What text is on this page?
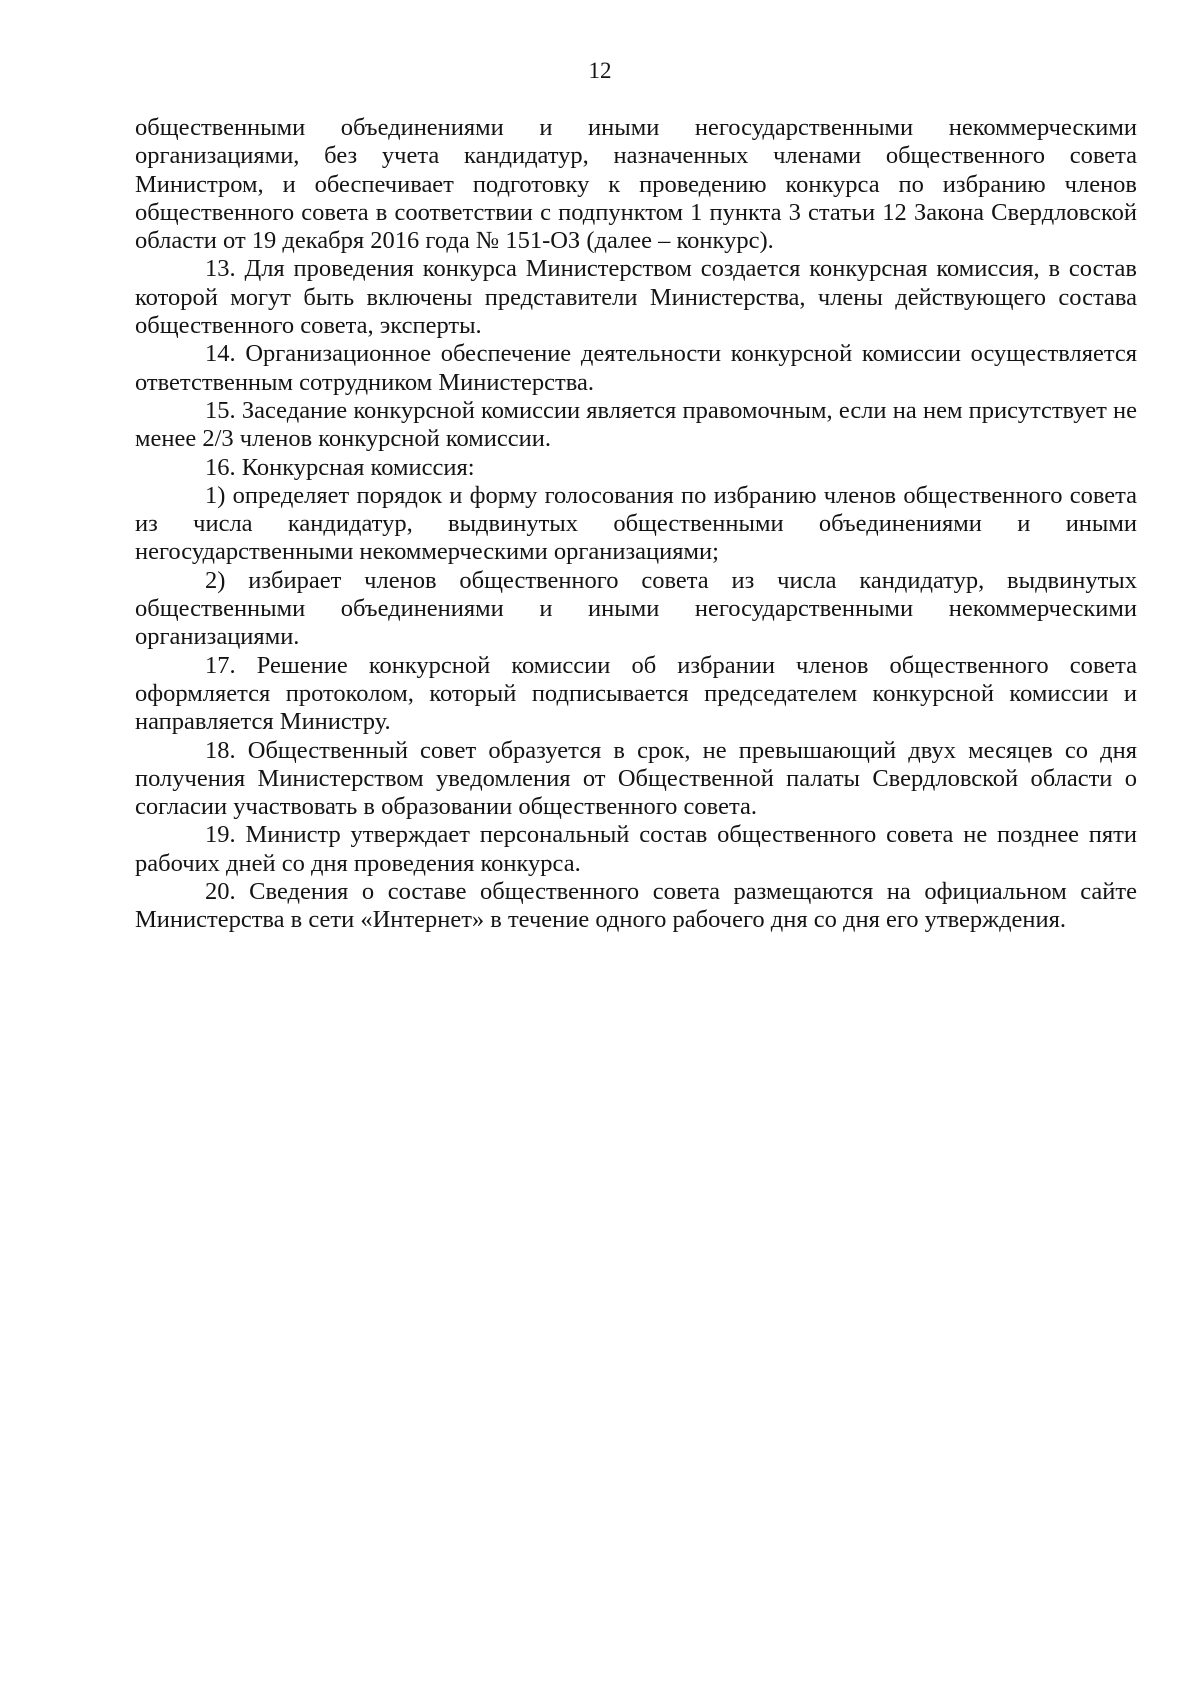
12

общественными объединениями и иными негосударственными некоммерческими организациями, без учета кандидатур, назначенных членами общественного совета Министром, и обеспечивает подготовку к проведению конкурса по избранию членов общественного совета в соответствии с подпунктом 1 пункта 3 статьи 12 Закона Свердловской области от 19 декабря 2016 года № 151-ОЗ (далее – конкурс).

13. Для проведения конкурса Министерством создается конкурсная комиссия, в состав которой могут быть включены представители Министерства, члены действующего состава общественного совета, эксперты.

14. Организационное обеспечение деятельности конкурсной комиссии осуществляется ответственным сотрудником Министерства.

15. Заседание конкурсной комиссии является правомочным, если на нем присутствует не менее 2/3 членов конкурсной комиссии.

16. Конкурсная комиссия:

1) определяет порядок и форму голосования по избранию членов общественного совета из числа кандидатур, выдвинутых общественными объединениями и иными негосударственными некоммерческими организациями;

2) избирает членов общественного совета из числа кандидатур, выдвинутых общественными объединениями и иными негосударственными некоммерческими организациями.

17. Решение конкурсной комиссии об избрании членов общественного совета оформляется протоколом, который подписывается председателем конкурсной комиссии и направляется Министру.

18. Общественный совет образуется в срок, не превышающий двух месяцев со дня получения Министерством уведомления от Общественной палаты Свердловской области о согласии участвовать в образовании общественного совета.

19. Министр утверждает персональный состав общественного совета не позднее пяти рабочих дней со дня проведения конкурса.

20. Сведения о составе общественного совета размещаются на официальном сайте Министерства в сети «Интернет» в течение одного рабочего дня со дня его утверждения.
